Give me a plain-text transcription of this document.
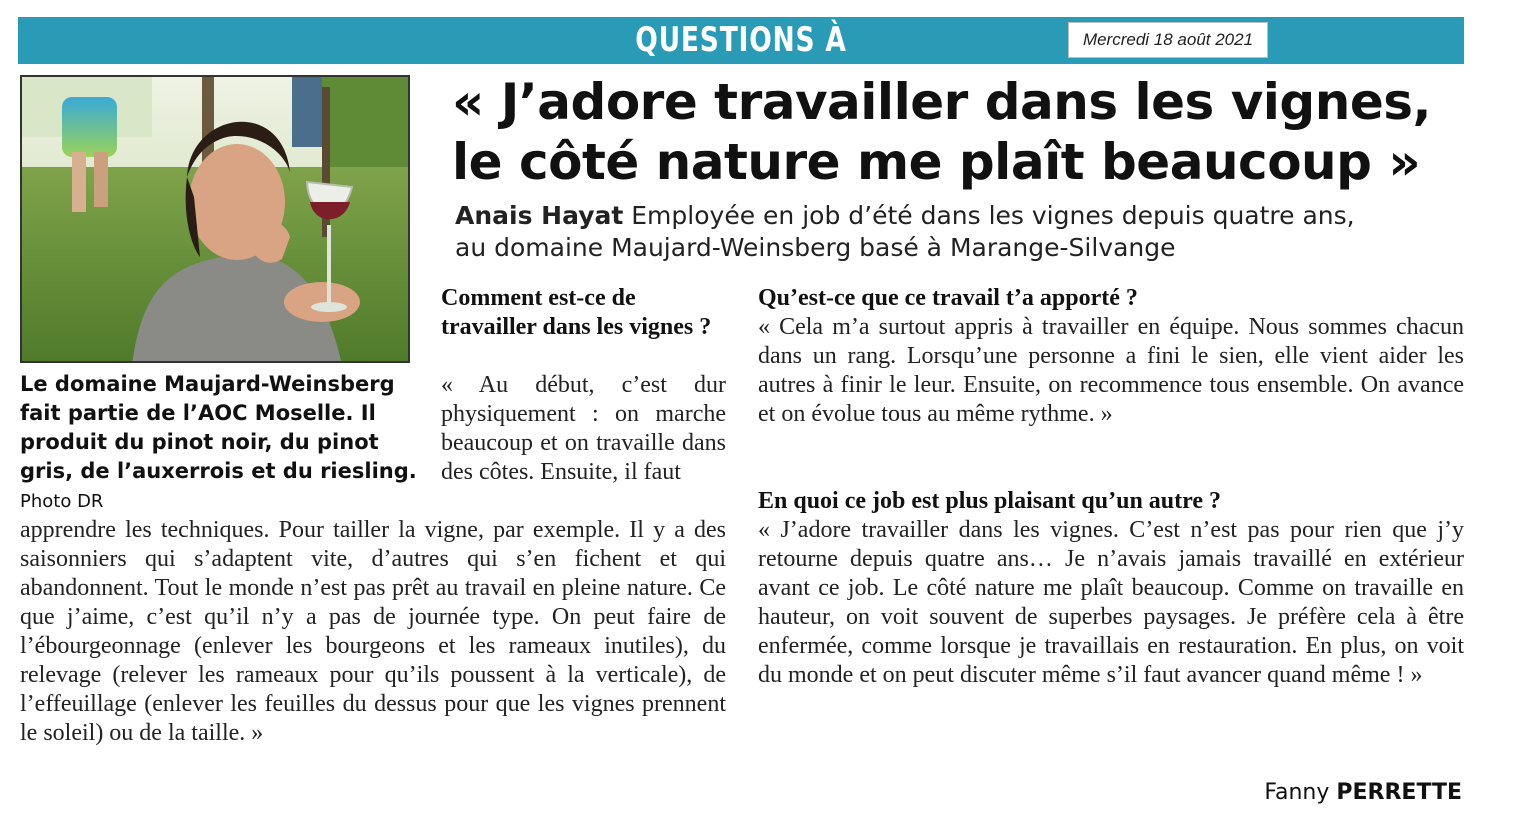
QUESTIONS À	Mercredi 18 août 2021
Le domaine Maujard-Weinsberg fait partie de l’AOC Moselle. Il produit du pinot noir, du pinot gris, de l’auxerrois et du riesling. Photo DR
« J’adore travailler dans les vignes,
le côté nature me plaît beaucoup »
Anais Hayat Employée en job d’été dans les vignes depuis quatre ans,
au domaine Maujard-Weinsberg basé à Marange-Silvange
Comment est-ce de travailler dans les vignes ?
« Au début, c’est dur physiquement : on marche beaucoup et on travaille dans des côtes. Ensuite, il faut
apprendre les techniques. Pour tailler la vigne, par exemple. Il y a des saisonniers qui s’adaptent vite, d’autres qui s’en fichent et qui abandonnent. Tout le monde n’est pas prêt au travail en pleine nature. Ce que j’aime, c’est qu’il n’y a pas de journée type. On peut faire de l’ébourgeonnage (enlever les bourgeons et les rameaux inutiles), du relevage (relever les rameaux pour qu’ils poussent à la verticale), de l’effeuillage (enlever les feuilles du dessus pour que les vignes prennent le soleil) ou de la taille. »
Qu’est-ce que ce travail t’a apporté ?
« Cela m’a surtout appris à travailler en équipe. Nous sommes chacun dans un rang. Lorsqu’une personne a fini le sien, elle vient aider les autres à finir le leur. Ensuite, on recommence tous ensemble. On avance et on évolue tous au même rythme. »
En quoi ce job est plus plaisant qu’un autre ?
« J’adore travailler dans les vignes. C’est n’est pas pour rien que j’y retourne depuis quatre ans… Je n’avais jamais travaillé en extérieur avant ce job. Le côté nature me plaît beaucoup. Comme on travaille en hauteur, on voit souvent de superbes paysages. Je préfère cela à être enfermée, comme lorsque je travaillais en restauration. En plus, on voit du monde et on peut discuter même s’il faut avancer quand même ! »
Fanny PERRETTE
